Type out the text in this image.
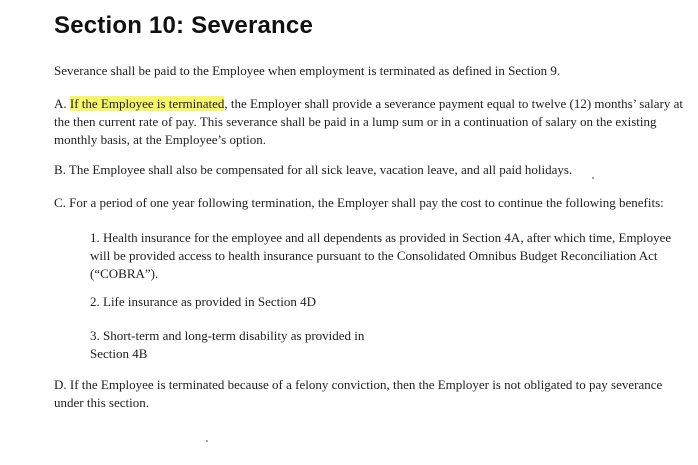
Section 10: Severance
Severance shall be paid to the Employee when employment is terminated as defined in Section 9.
A. If the Employee is terminated, the Employer shall provide a severance payment equal to twelve (12) months’ salary at the then current rate of pay. This severance shall be paid in a lump sum or in a continuation of salary on the existing monthly basis, at the Employee’s option.
B. The Employee shall also be compensated for all sick leave, vacation leave, and all paid holidays.
C. For a period of one year following termination, the Employer shall pay the cost to continue the following benefits:
1. Health insurance for the employee and all dependents as provided in Section 4A, after which time, Employee will be provided access to health insurance pursuant to the Consolidated Omnibus Budget Reconciliation Act (“COBRA”).
2. Life insurance as provided in Section 4D
3. Short-term and long-term disability as provided in Section 4B
D. If the Employee is terminated because of a felony conviction, then the Employer is not obligated to pay severance under this section.
